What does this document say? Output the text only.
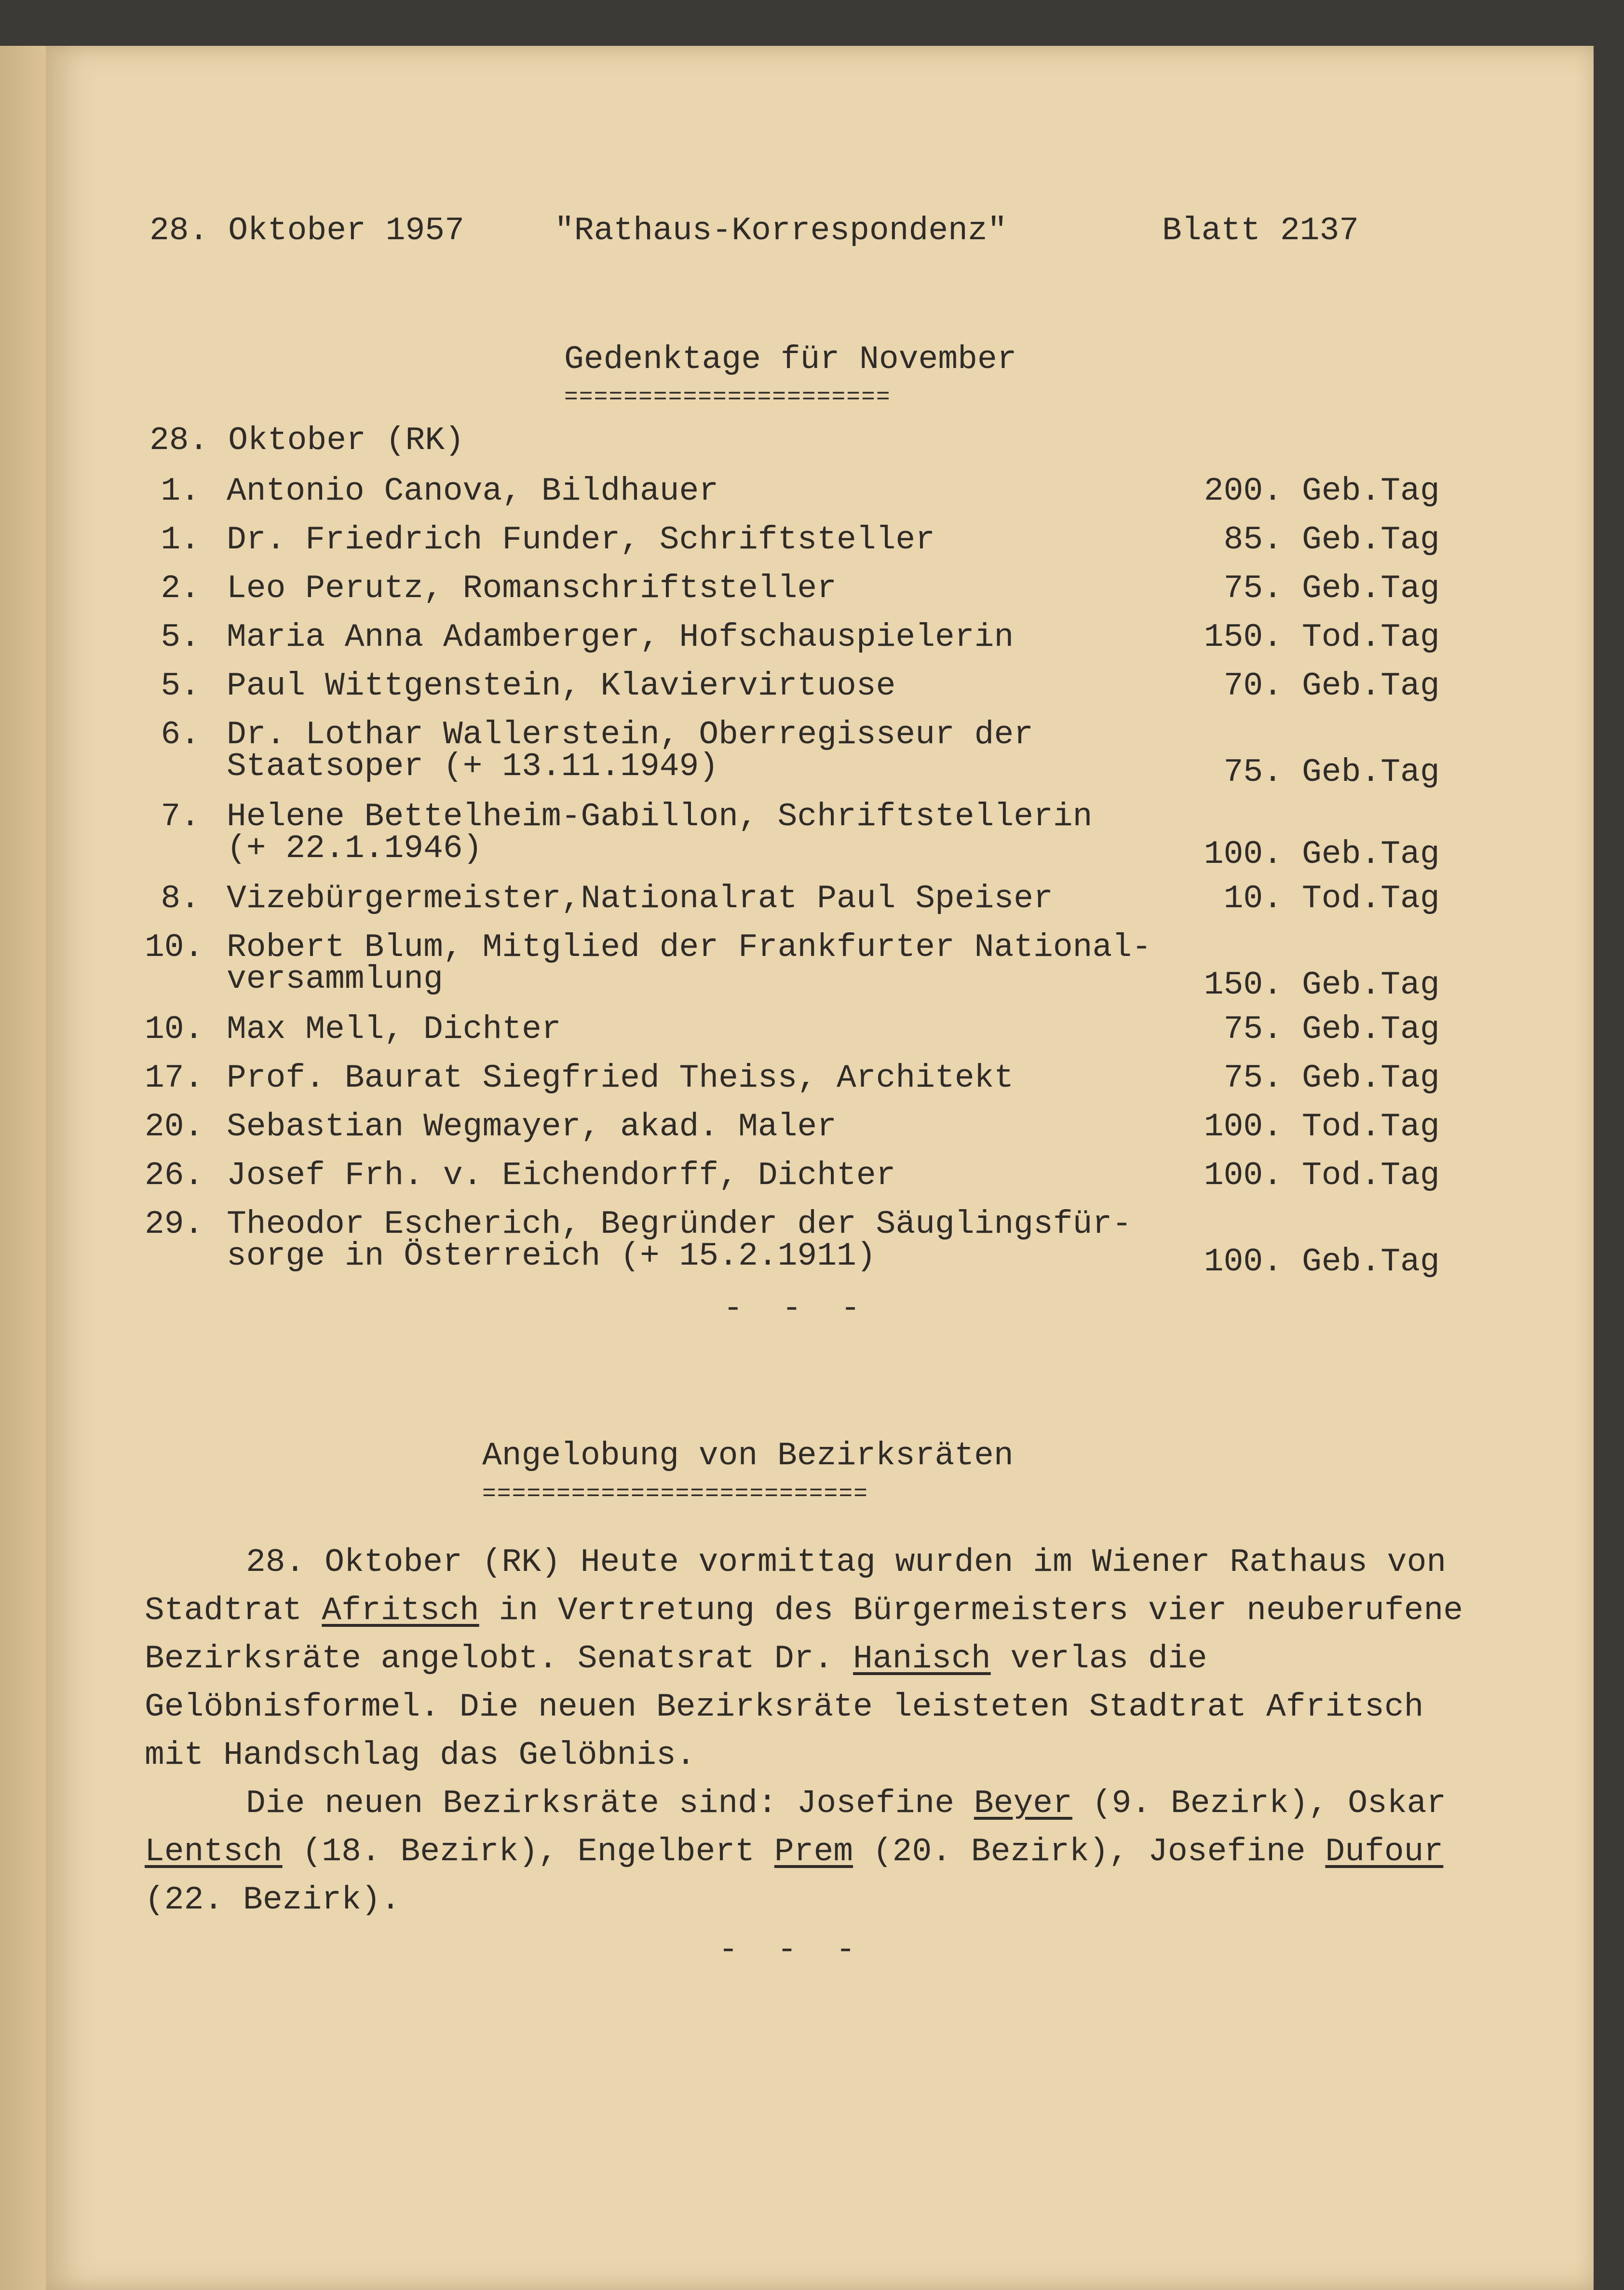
28. Oktober 1957	"Rathaus-Korrespondenz"	Blatt 2137
Gedenktage für November
======================
28. Oktober (RK)
1. Antonio Canova, Bildhauer	200. Geb.Tag
1. Dr. Friedrich Funder, Schriftsteller	85. Geb.Tag
2. Leo Perutz, Romanschriftsteller	75. Geb.Tag
5. Maria Anna Adamberger, Hofschauspielerin	150. Tod.Tag
5. Paul Wittgenstein, Klaviervirtuose	70. Geb.Tag
6. Dr. Lothar Wallerstein, Oberregisseur der
Staatsoper (+ 13.11.1949)	75. Geb.Tag
7. Helene Bettelheim-Gabillon, Schriftstellerin
(+ 22.1.1946)	100. Geb.Tag
8. Vizebürgermeister,Nationalrat Paul Speiser	10. Tod.Tag
10. Robert Blum, Mitglied der Frankfurter National-
versammlung	150. Geb.Tag
10. Max Mell, Dichter	75. Geb.Tag
17. Prof. Baurat Siegfried Theiss, Architekt	75. Geb.Tag
20. Sebastian Wegmayer, akad. Maler	100. Tod.Tag
26. Josef Frh. v. Eichendorff, Dichter	100. Tod.Tag
29. Theodor Escherich, Begründer der Säuglingsfür-
sorge in Österreich (+ 15.2.1911)	100. Geb.Tag
- - -
Angelobung von Bezirksräten
==========================
28. Oktober (RK) Heute vormittag wurden im Wiener Rathaus von Stadtrat Afritsch in Vertretung des Bürgermeisters vier neuberufene Bezirksräte angelobt. Senatsrat Dr. Hanisch verlas die Gelöbnisformel. Die neuen Bezirksräte leisteten Stadtrat Afritsch mit Handschlag das Gelöbnis.
Die neuen Bezirksräte sind: Josefine Beyer (9. Bezirk), Oskar Lentsch (18. Bezirk), Engelbert Prem (20. Bezirk), Josefine Dufour (22. Bezirk).
- - -
